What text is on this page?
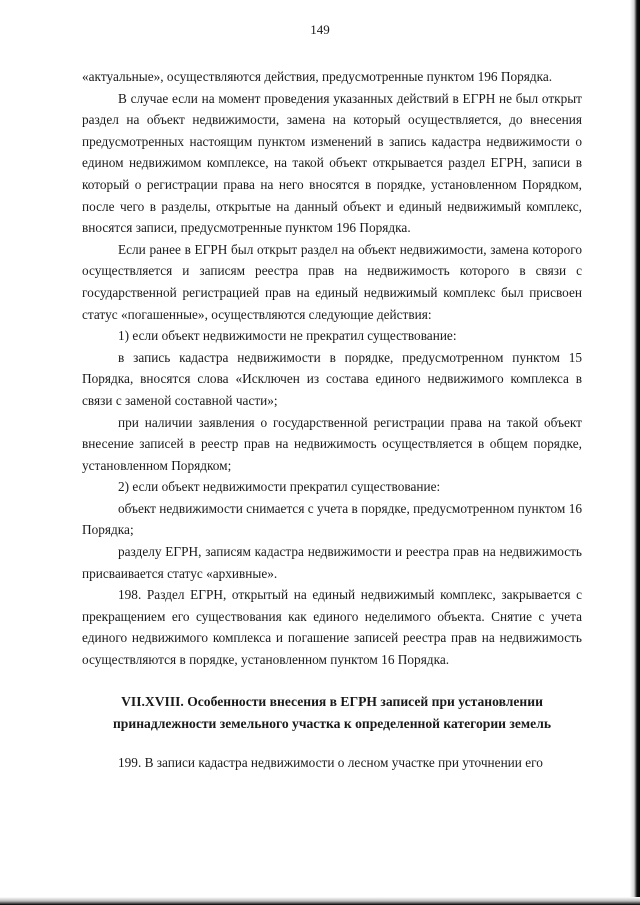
149

«актуальные», осуществляются действия, предусмотренные пунктом 196 Порядка.

В случае если на момент проведения указанных действий в ЕГРН не был открыт раздел на объект недвижимости, замена на который осуществляется, до внесения предусмотренных настоящим пунктом изменений в запись кадастра недвижимости о едином недвижимом комплексе, на такой объект открывается раздел ЕГРН, записи в который о регистрации права на него вносятся в порядке, установленном Порядком, после чего в разделы, открытые на данный объект и единый недвижимый комплекс, вносятся записи, предусмотренные пунктом 196 Порядка.

Если ранее в ЕГРН был открыт раздел на объект недвижимости, замена которого осуществляется и записям реестра прав на недвижимость которого в связи с государственной регистрацией прав на единый недвижимый комплекс был присвоен статус «погашенные», осуществляются следующие действия:

1) если объект недвижимости не прекратил существование:

в запись кадастра недвижимости в порядке, предусмотренном пунктом 15 Порядка, вносятся слова «Исключен из состава единого недвижимого комплекса в связи с заменой составной части»;

при наличии заявления о государственной регистрации права на такой объект внесение записей в реестр прав на недвижимость осуществляется в общем порядке, установленном Порядком;

2) если объект недвижимости прекратил существование:

объект недвижимости снимается с учета в порядке, предусмотренном пунктом 16 Порядка;

разделу ЕГРН, записям кадастра недвижимости и реестра прав на недвижимость присваивается статус «архивные».

198. Раздел ЕГРН, открытый на единый недвижимый комплекс, закрывается с прекращением его существования как единого неделимого объекта. Снятие с учета единого недвижимого комплекса и погашение записей реестра прав на недвижимость осуществляются в порядке, установленном пунктом 16 Порядка.

VII.XVIII. Особенности внесения в ЕГРН записей при установлении
принадлежности земельного участка к определенной категории земель

199. В записи кадастра недвижимости о лесном участке при уточнении его
